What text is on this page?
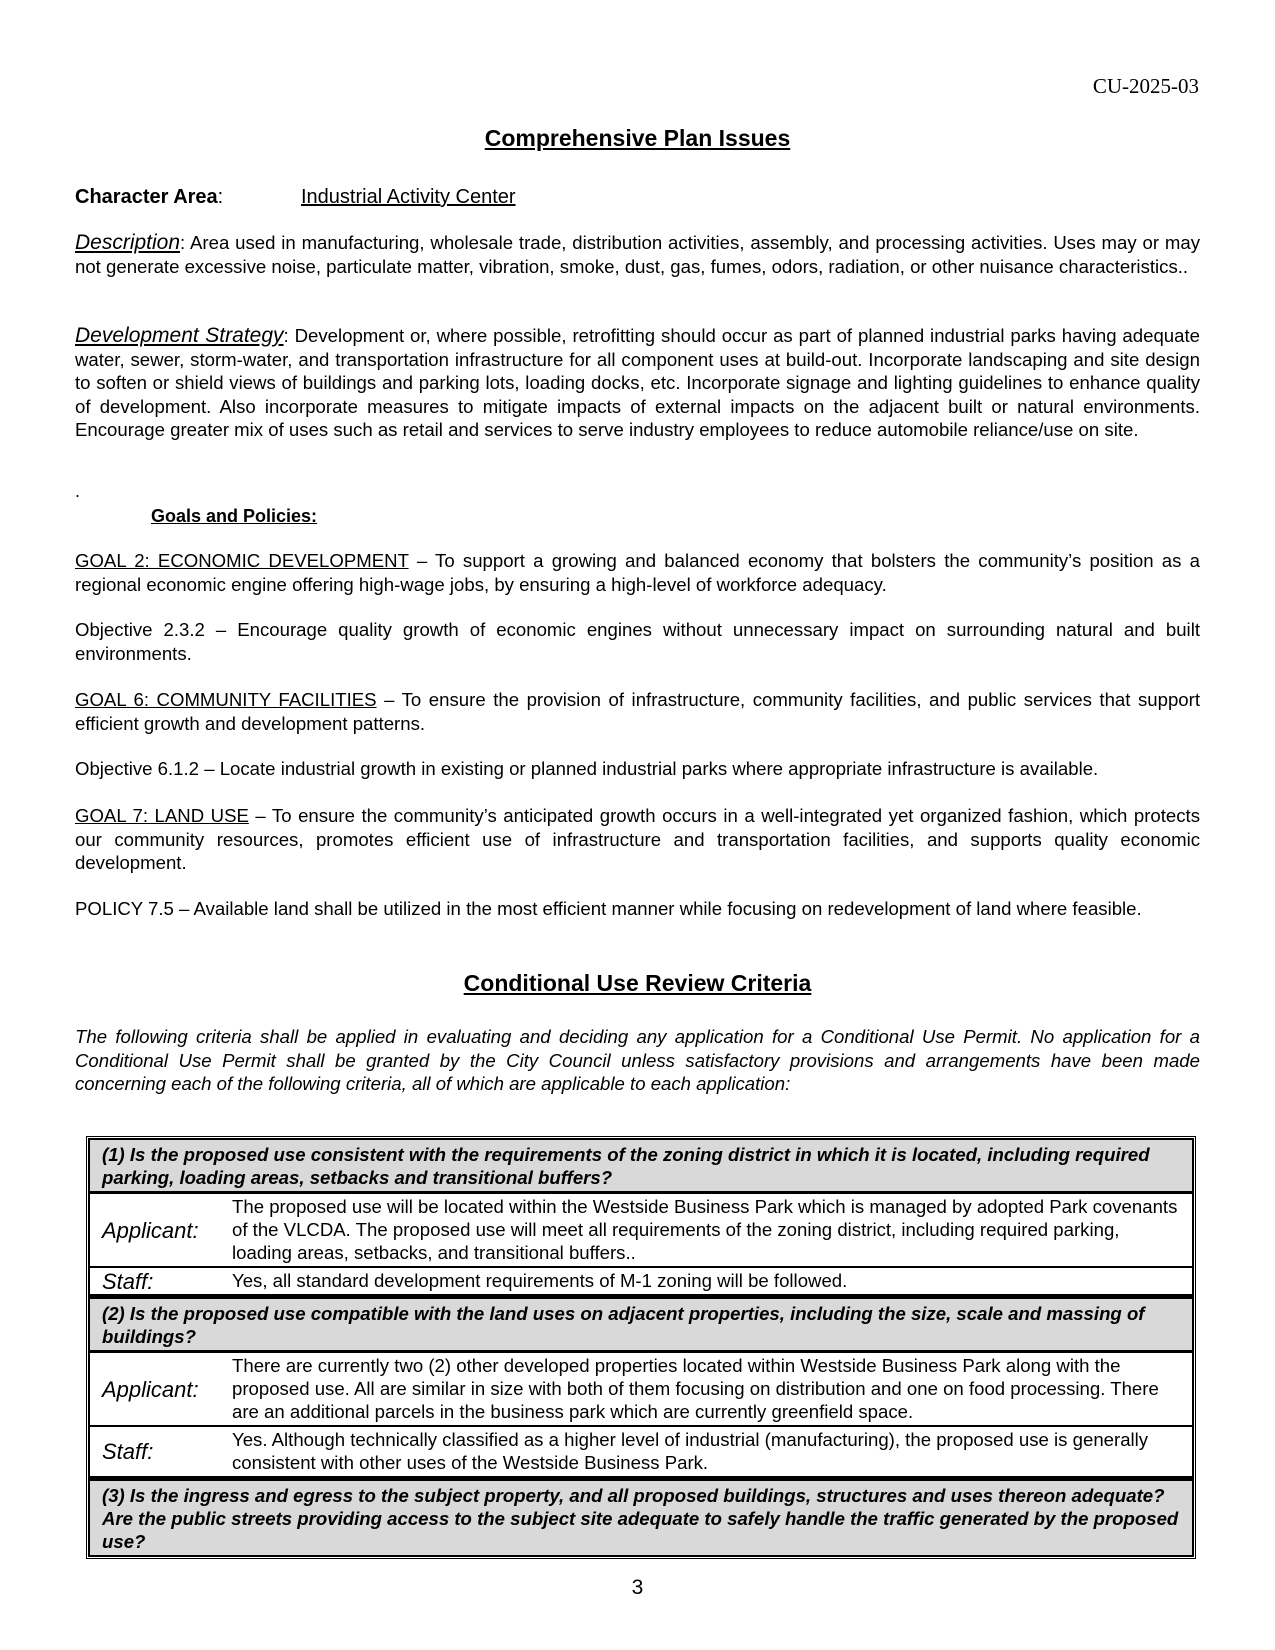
CU-2025-03
Comprehensive Plan Issues
Character Area:	Industrial Activity Center

Description: Area used in manufacturing, wholesale trade, distribution activities, assembly, and processing activities. Uses may or may not generate excessive noise, particulate matter, vibration, smoke, dust, gas, fumes, odors, radiation, or other nuisance characteristics..

Development Strategy: Development or, where possible, retrofitting should occur as part of planned industrial parks having adequate water, sewer, storm-water, and transportation infrastructure for all component uses at build-out. Incorporate landscaping and site design to soften or shield views of buildings and parking lots, loading docks, etc. Incorporate signage and lighting guidelines to enhance quality of development. Also incorporate measures to mitigate impacts of external impacts on the adjacent built or natural environments. Encourage greater mix of uses such as retail and services to serve industry employees to reduce automobile reliance/use on site.

.
Goals and Policies:

GOAL 2: ECONOMIC DEVELOPMENT – To support a growing and balanced economy that bolsters the community’s position as a regional economic engine offering high-wage jobs, by ensuring a high-level of workforce adequacy.

Objective 2.3.2 – Encourage quality growth of economic engines without unnecessary impact on surrounding natural and built environments.

GOAL 6: COMMUNITY FACILITIES – To ensure the provision of infrastructure, community facilities, and public services that support efficient growth and development patterns.

Objective 6.1.2 – Locate industrial growth in existing or planned industrial parks where appropriate infrastructure is available.

GOAL 7: LAND USE – To ensure the community’s anticipated growth occurs in a well-integrated yet organized fashion, which protects our community resources, promotes efficient use of infrastructure and transportation facilities, and supports quality economic development.

POLICY 7.5 – Available land shall be utilized in the most efficient manner while focusing on redevelopment of land where feasible.

Conditional Use Review Criteria

The following criteria shall be applied in evaluating and deciding any application for a Conditional Use Permit. No application for a Conditional Use Permit shall be granted by the City Council unless satisfactory provisions and arrangements have been made concerning each of the following criteria, all of which are applicable to each application:

(1) Is the proposed use consistent with the requirements of the zoning district in which it is located, including required parking, loading areas, setbacks and transitional buffers?
Applicant:
The proposed use will be located within the Westside Business Park which is managed by adopted Park covenants of the VLCDA. The proposed use will meet all requirements of the zoning district, including required parking, loading areas, setbacks, and transitional buffers..
Staff:	Yes, all standard development requirements of M-1 zoning will be followed.
(2) Is the proposed use compatible with the land uses on adjacent properties, including the size, scale and massing of buildings?
Applicant:
There are currently two (2) other developed properties located within Westside Business Park along with the proposed use. All are similar in size with both of them focusing on distribution and one on food processing. There are an additional parcels in the business park which are currently greenfield space.
Staff:	Yes. Although technically classified as a higher level of industrial (manufacturing), the proposed use is generally consistent with other uses of the Westside Business Park.
(3) Is the ingress and egress to the subject property, and all proposed buildings, structures and uses thereon adequate? Are the public streets providing access to the subject site adequate to safely handle the traffic generated by the proposed use?
3
